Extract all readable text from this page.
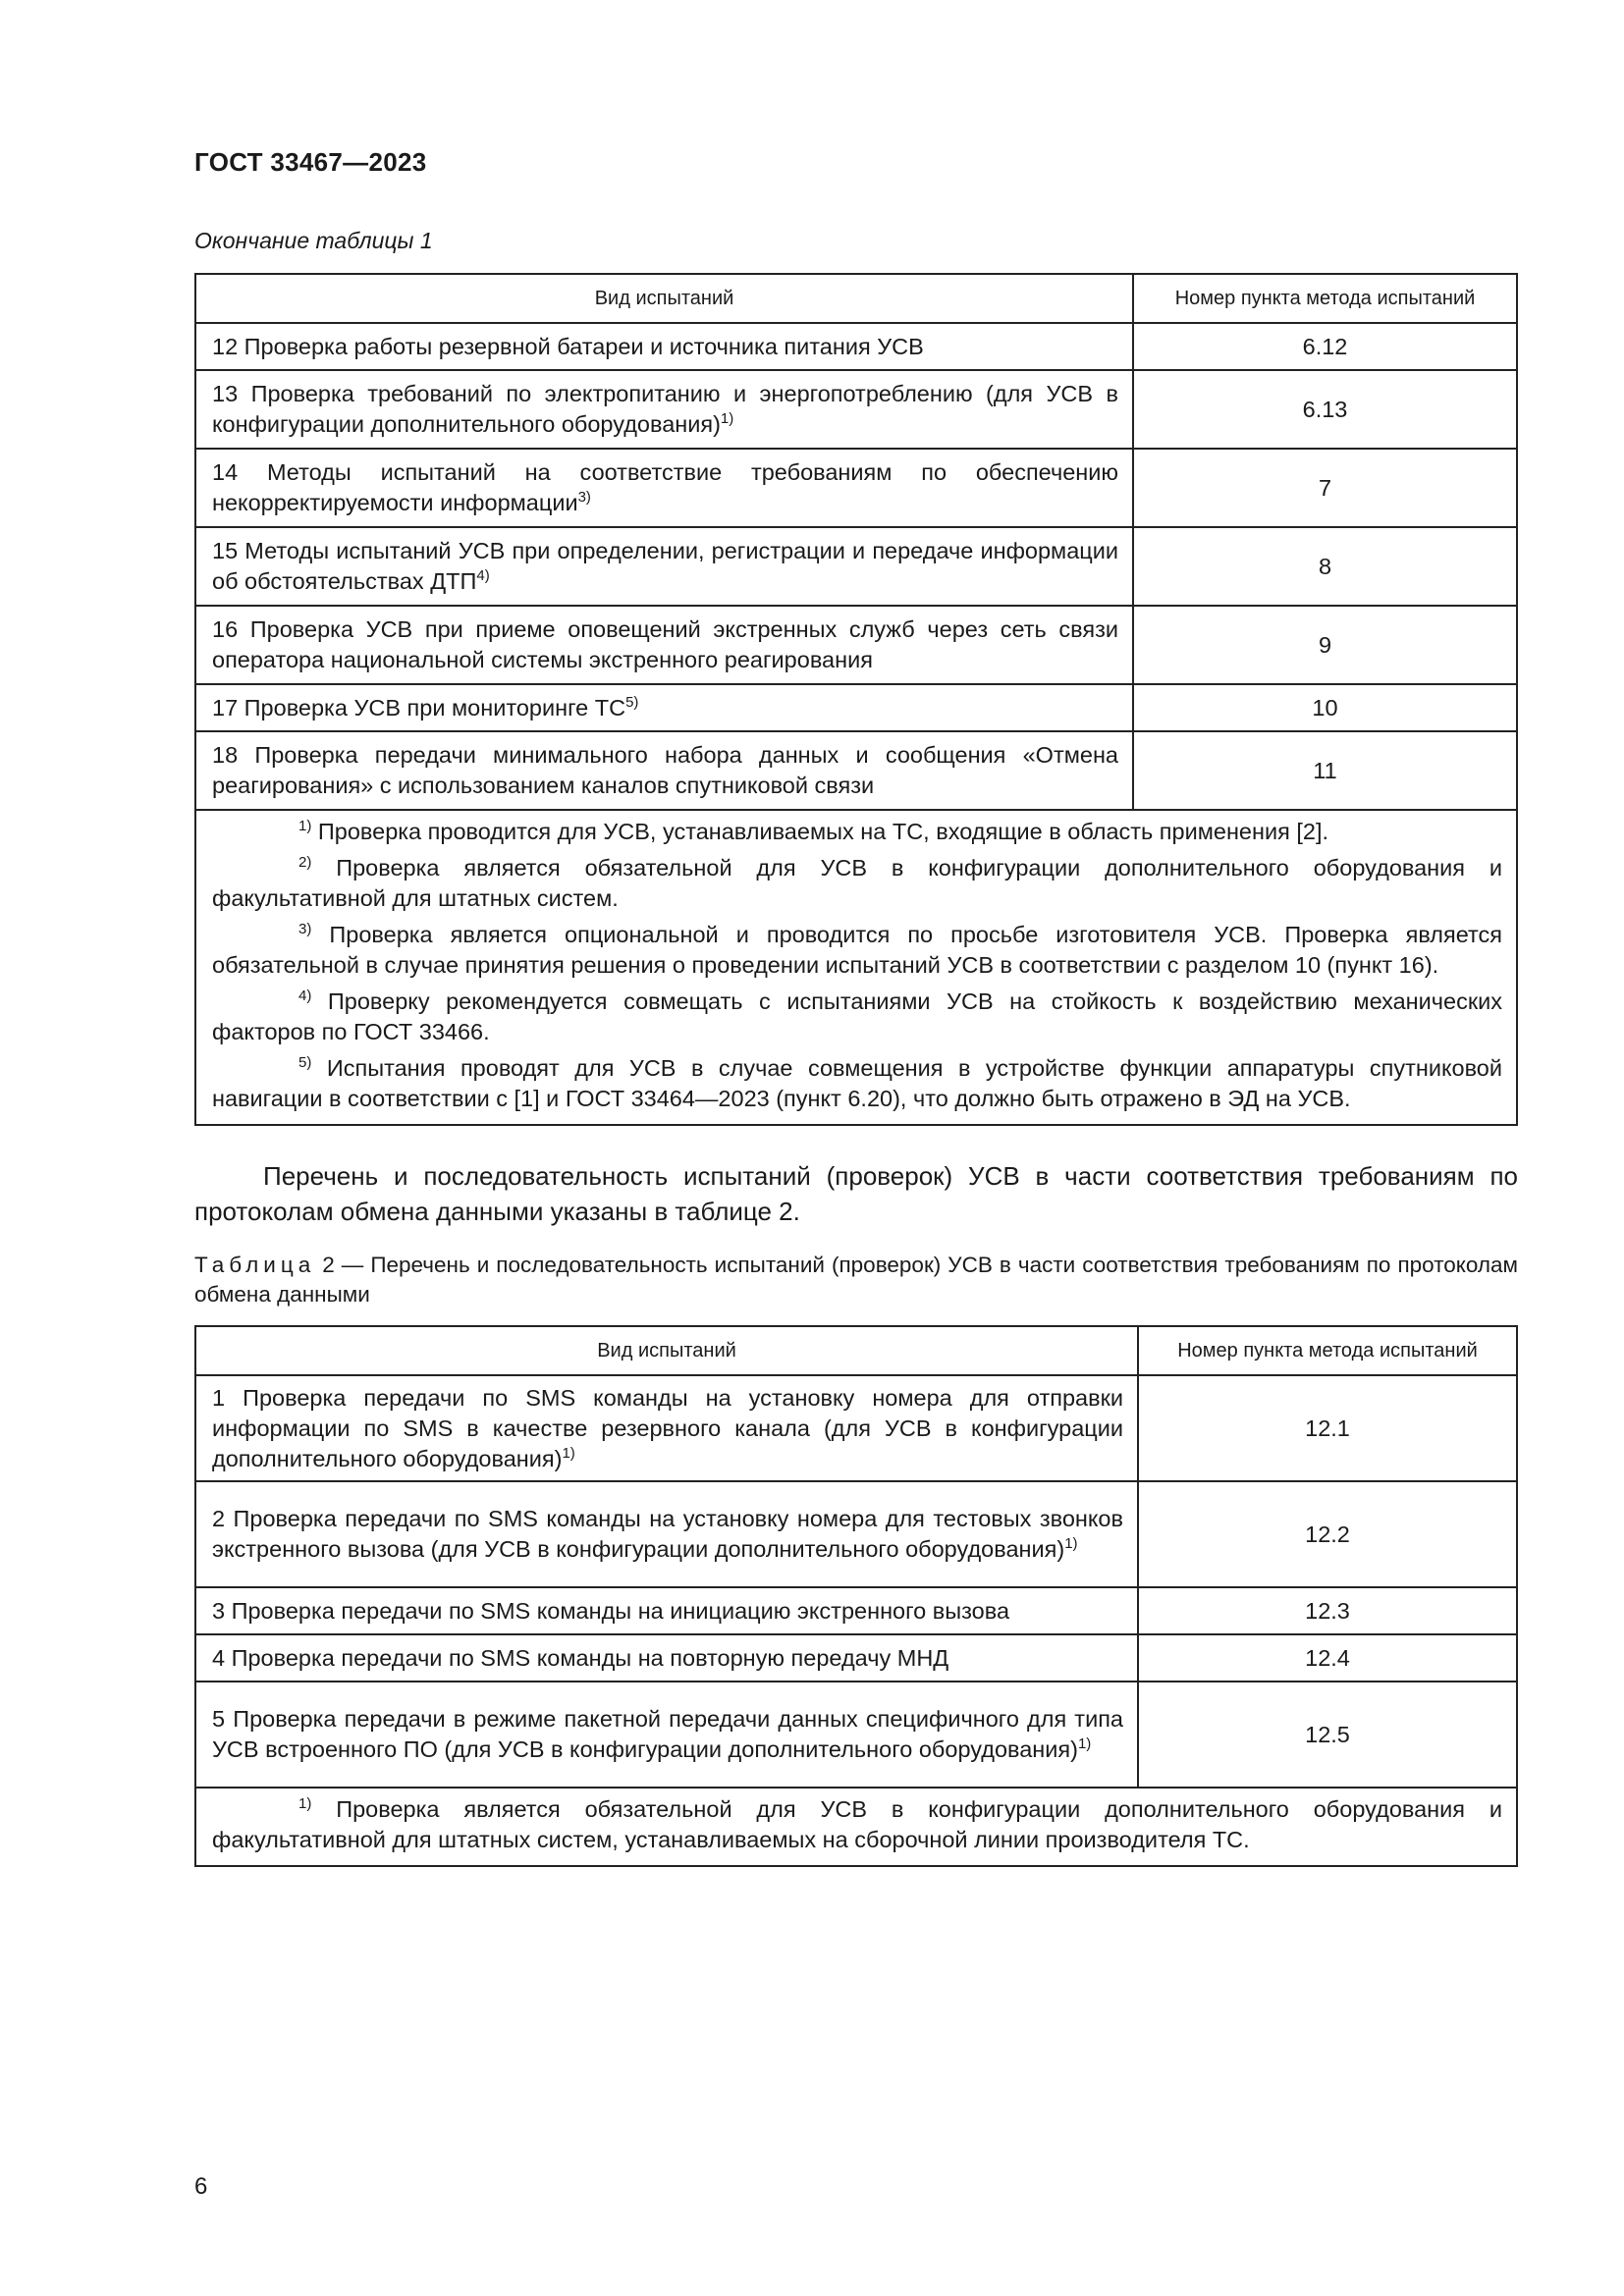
ГОСТ 33467—2023
Окончание таблицы 1
Вид испытаний	Номер пункта метода испытаний
12 Проверка работы резервной батареи и источника питания УСВ	6.12
13 Проверка требований по электропитанию и энергопотреблению (для УСВ в конфигурации дополнительного оборудования)$^{1)}$	6.13
14 Методы испытаний на соответствие требованиям по обеспечению некорректируемости информации$^{3)}$	7
15 Методы испытаний УСВ при определении, регистрации и передаче информации об обстоятельствах ДТП$^{4)}$	8
16 Проверка УСВ при приеме оповещений экстренных служб через сеть связи оператора национальной системы экстренного реагирования	9
17 Проверка УСВ при мониторинге ТС$^{5)}$	10
18 Проверка передачи минимального набора данных и сообщения «Отмена реагирования» с использованием каналов спутниковой связи	11

$^{1)}$ Проверка проводится для УСВ, устанавливаемых на ТС, входящие в область применения [2].

$^{2)}$ Проверка является обязательной для УСВ в конфигурации дополнительного оборудования и факультативной для штатных систем.

$^{3)}$ Проверка является опциональной и проводится по просьбе изготовителя УСВ. Проверка является обязательной в случае принятия решения о проведении испытаний УСВ в соответствии с разделом 10 (пункт 16).

$^{4)}$ Проверку рекомендуется совмещать с испытаниями УСВ на стойкость к воздействию механических факторов по ГОСТ 33466.

$^{5)}$ Испытания проводят для УСВ в случае совмещения в устройстве функции аппаратуры спутниковой навигации в соответствии с [1] и ГОСТ 33464—2023 (пункт 6.20), что должно быть отражено в ЭД на УСВ.	

Перечень и последовательность испытаний (проверок) УСВ в части соответствия требованиям по протоколам обмена данными указаны в таблице 2.
Таблица 2 — Перечень и последовательность испытаний (проверок) УСВ в части соответствия требованиям по протоколам обмена данными
Вид испытаний	Номер пункта метода испытаний
1 Проверка передачи по SMS команды на установку номера для отправки информации по SMS в качестве резервного канала (для УСВ в конфигурации дополнительного оборудования)$^{1)}$	12.1
2 Проверка передачи по SMS команды на установку номера для тестовых звонков экстренного вызова (для УСВ в конфигурации дополнительного оборудования)$^{1)}$	12.2
3 Проверка передачи по SMS команды на инициацию экстренного вызова	12.3
4 Проверка передачи по SMS команды на повторную передачу МНД	12.4
5 Проверка передачи в режиме пакетной передачи данных специфичного для типа УСВ встроенного ПО (для УСВ в конфигурации дополнительного оборудования)$^{1)}$	12.5

$^{1)}$ Проверка является обязательной для УСВ в конфигурации дополнительного оборудования и факультативной для штатных систем, устанавливаемых на сборочной линии производителя ТС.	

6
